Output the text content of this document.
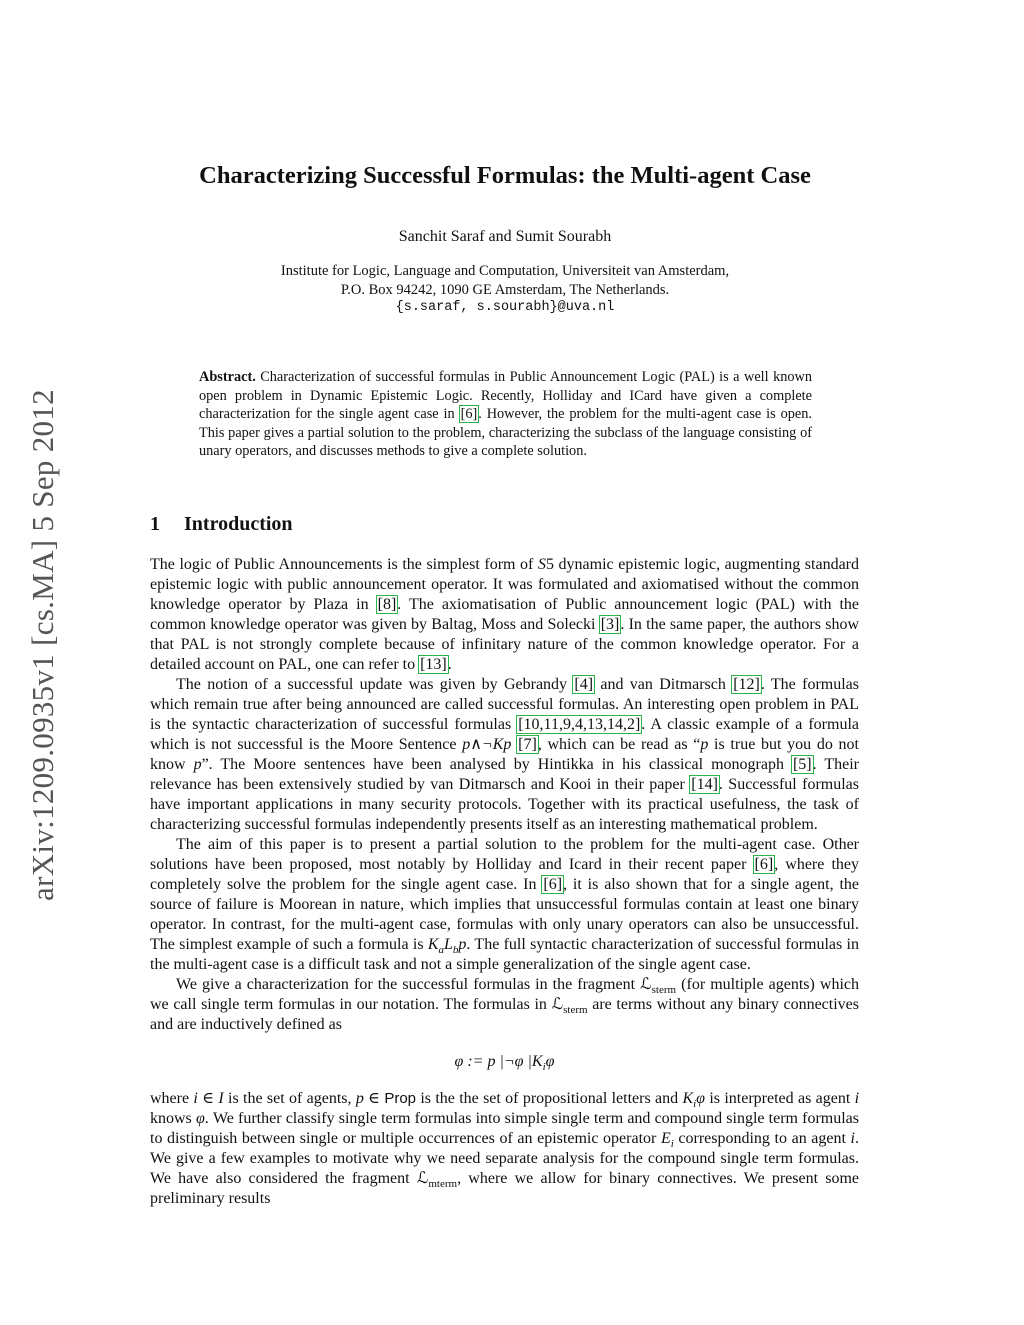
arXiv:1209.0935v1 [cs.MA] 5 Sep 2012
Characterizing Successful Formulas: the Multi-agent Case
Sanchit Saraf and Sumit Sourabh
Institute for Logic, Language and Computation, Universiteit van Amsterdam,
P.O. Box 94242, 1090 GE Amsterdam, The Netherlands.
{s.saraf, s.sourabh}@uva.nl
Abstract. Characterization of successful formulas in Public Announcement Logic (PAL) is a well known open problem in Dynamic Epistemic Logic. Recently, Holliday and ICard have given a complete characterization for the single agent case in [6]. However, the problem for the multi-agent case is open. This paper gives a partial solution to the problem, characterizing the subclass of the language consisting of unary operators, and discusses methods to give a complete solution.
1 Introduction

The logic of Public Announcements is the simplest form of S5 dynamic epistemic logic, augmenting standard epistemic logic with public announcement operator. It was formulated and axiomatised without the common knowledge operator by Plaza in [8]. The axiomatisation of Public announcement logic (PAL) with the common knowledge operator was given by Baltag, Moss and Solecki [3]. In the same paper, the authors show that PAL is not strongly complete because of infinitary nature of the common knowledge operator. For a detailed account on PAL, one can refer to [13].

The notion of a successful update was given by Gebrandy [4] and van Ditmarsch [12]. The formulas which remain true after being announced are called successful formulas. An interesting open problem in PAL is the syntactic characterization of successful formulas [10,11,9,4,13,14,2]. A classic example of a formula which is not successful is the Moore Sentence p∧¬Kp [7], which can be read as “p is true but you do not know p”. The Moore sentences have been analysed by Hintikka in his classical monograph [5]. Their relevance has been extensively studied by van Ditmarsch and Kooi in their paper [14]. Successful formulas have important applications in many security protocols. Together with its practical usefulness, the task of characterizing successful formulas independently presents itself as an interesting mathematical problem.

The aim of this paper is to present a partial solution to the problem for the multi-agent case. Other solutions have been proposed, most notably by Holliday and Icard in their recent paper [6], where they completely solve the problem for the single agent case. In [6], it is also shown that for a single agent, the source of failure is Moorean in nature, which implies that unsuccessful formulas contain at least one binary operator. In contrast, for the multi-agent case, formulas with only unary operators can also be unsuccessful. The simplest example of such a formula is $K_aL_bp$. The full syntactic characterization of successful formulas in the multi-agent case is a difficult task and not a simple generalization of the single agent case.

We give a characterization for the successful formulas in the fragment ℒ$_{sterm}$ (for multiple agents) which we call single term formulas in our notation. The formulas in ℒ$_{sterm}$ are terms without any binary connectives and are inductively defined as

φ := p |¬φ $|K_i\varphi$

where i ∈ I is the set of agents, p ∈ Prop is the the set of propositional letters and $K_i\varphi$ is interpreted as agent i knows φ. We further classify single term formulas into simple single term and compound single term formulas to distinguish between single or multiple occurrences of an epistemic operator $E_i$ corresponding to an agent i. We give a few examples to motivate why we need separate analysis for the compound single term formulas. We have also considered the fragment ℒ$_{mterm}$, where we allow for binary connectives. We present some preliminary results
